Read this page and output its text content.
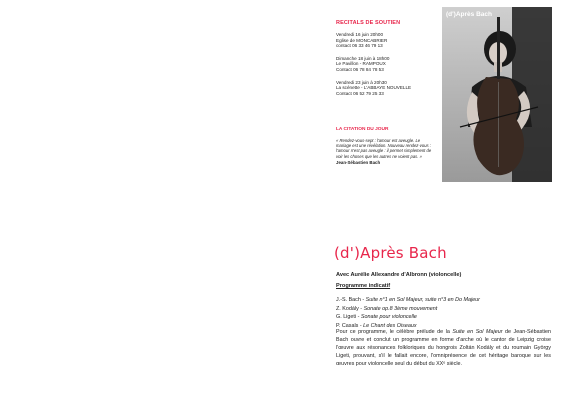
RECITALS DE SOUTIEN
Vendredi 16 juin 20h00
Eglise de MONCABRIER
contact 06 33 46 79 13
Dimanche 18 juin à 18h00
Le Pavillon - RAMPOUX
Contact 06 78 84 78 53
Vendredi 23 juin à 20h30
La scénette - L'ABBAYE NOUVELLE
Contact 06 52 79 25 33
LA CITATION DU JOUR
« Rendez-vous-sept : l'amour est aveugle. Le mariage est une révélation. Nouveau rendez-vous : l'amour n'est pas aveugle : il permet simplement de voir les choses que les autres ne voient pas. »
Jean-Sébastien Bach
(d')Après Bach
(d')Après Bach
Avec Aurélie Allexandre d'Albronn (violoncelle)
Programme indicatif
J.-S. Bach - Suite n°1 en Sol Majeur, suite n°3 en Do Majeur
Z. Kodály - Sonate op.8 3ème mouvement
G. Ligeti - Sonate pour violoncelle
P. Casals - Le Chant des Oiseaux
Pour ce programme, le célèbre prélude de la Suite en Sol Majeur de Jean-Sébastien Bach ouvre et conclut un programme en forme d'arche où le cantor de Leipzig croise l'œuvre aux résonances folkloriques du hongrois Zoltán Kodály et du roumain György Ligeti, prouvant, s'il le fallait encore, l'omniprésence de cet héritage baroque sur les œuvres pour violoncelle seul du début du XXᵉ siècle.
